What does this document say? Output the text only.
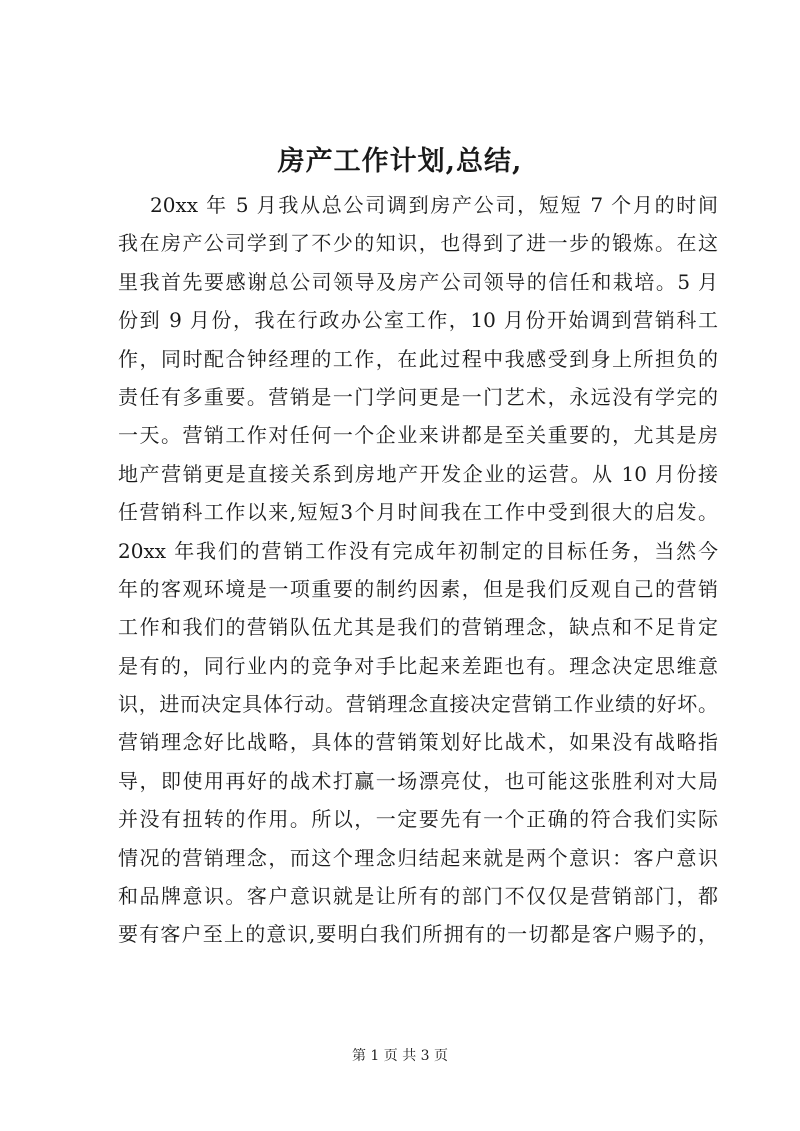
房产工作计划,总结,
20xx 年 5 月我从总公司调到房产公司，短短 7 个月的时间
我在房产公司学到了不少的知识，也得到了进一步的锻炼。在这
里我首先要感谢总公司领导及房产公司领导的信任和栽培。5 月
份到 9 月份，我在行政办公室工作，10 月份开始调到营销科工
作，同时配合钟经理的工作，在此过程中我感受到身上所担负的
责任有多重要。营销是一门学问更是一门艺术，永远没有学完的
一天。营销工作对任何一个企业来讲都是至关重要的，尤其是房
地产营销更是直接关系到房地产开发企业的运营。从 10 月份接
任营销科工作以来,短短3个月时间我在工作中受到很大的启发。
20xx 年我们的营销工作没有完成年初制定的目标任务，当然今
年的客观环境是一项重要的制约因素，但是我们反观自己的营销
工作和我们的营销队伍尤其是我们的营销理念，缺点和不足肯定
是有的，同行业内的竞争对手比起来差距也有。理念决定思维意
识，进而决定具体行动。营销理念直接决定营销工作业绩的好坏。
营销理念好比战略，具体的营销策划好比战术，如果没有战略指
导，即使用再好的战术打赢一场漂亮仗，也可能这张胜利对大局
并没有扭转的作用。所以，一定要先有一个正确的符合我们实际
情况的营销理念，而这个理念归结起来就是两个意识：客户意识
和品牌意识。客户意识就是让所有的部门不仅仅是营销部门，都
要有客户至上的意识,要明白我们所拥有的一切都是客户赐予的，
第 1 页 共 3 页
